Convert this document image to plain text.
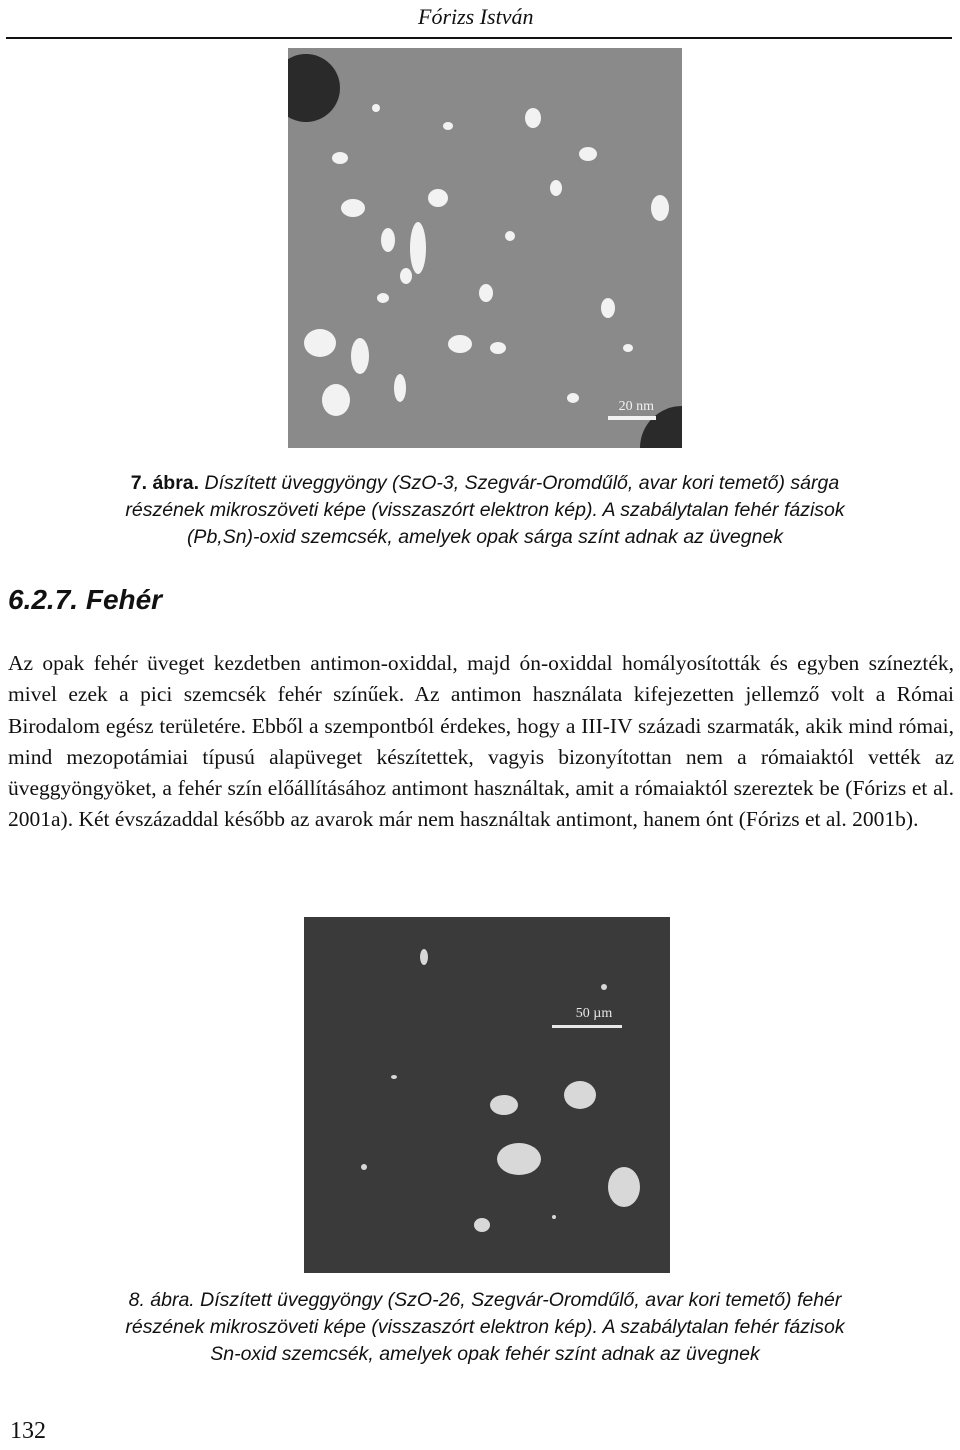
Fórizs István
20 nm
7. ábra. Díszített üveggyöngy (SzO-3, Szegvár-Oromdűlő, avar kori temető) sárga
részének mikroszöveti képe (visszaszórt elektron kép). A szabálytalan fehér fázisok
(Pb,Sn)-oxid szemcsék, amelyek opak sárga színt adnak az üvegnek
6.2.7. Fehér

Az opak fehér üveget kezdetben antimon-oxiddal, majd ón-oxiddal homályosították és egyben színezték, mivel ezek a pici szemcsék fehér színűek. Az antimon használata kifejezetten jellemző volt a Római Birodalom egész területére. Ebből a szempontból érdekes, hogy a III-IV századi szarmaták, akik mind római, mind mezopotámiai típusú alapüveget készítettek, vagyis bizonyítottan nem a rómaiaktól vették az üveggyöngyöket, a fehér szín előállításához antimont használtak, amit a rómaiaktól szereztek be (Fórizs et al. 2001a). Két évszázaddal később az avarok már nem használtak antimont, hanem ónt (Fórizs et al. 2001b).

50 µm
8. ábra. Díszített üveggyöngy (SzO-26, Szegvár-Oromdűlő, avar kori temető) fehér
részének mikroszöveti képe (visszaszórt elektron kép). A szabálytalan fehér fázisok
Sn-oxid szemcsék, amelyek opak fehér színt adnak az üvegnek
132
